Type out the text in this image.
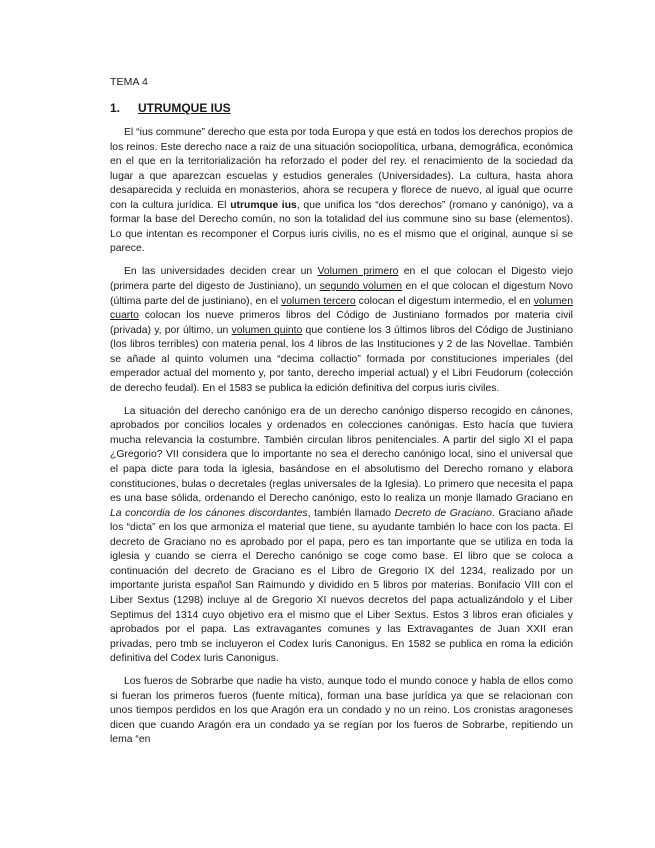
TEMA 4
1. UTRUMQUE IUS

El “ius commune” derecho que esta por toda Europa y que está en todos los derechos propios de los reinos. Este derecho nace a raiz de una situación sociopolítica, urbana, demográfica, económica en el que en la territorialización ha reforzado el poder del rey. el renacimiento de la sociedad da lugar a que aparezcan escuelas y estudios generales (Universidades). La cultura, hasta ahora desaparecida y recluida en monasterios, ahora se recupera y florece de nuevo, al igual que ocurre con la cultura jurídica. El utrumque ius, que unifica los “dos derechos” (romano y canónigo), va a formar la base del Derecho común, no son la totalidad del ius commune sino su base (elementos). Lo que intentan es recomponer el Corpus iuris civilis, no es el mismo que el original, aunque sí se parece.

En las universidades deciden crear un Volumen primero en el que colocan el Digesto viejo (primera parte del digesto de Justiniano), un segundo volumen en el que colocan el digestum Novo (última parte del de justiniano), en el volumen tercero colocan el digestum intermedio, el en volumen cuarto colocan los nueve primeros libros del Código de Justiniano formados por materia civil (privada) y, por último, un volumen quinto que contiene los 3 últimos libros del Código de Justiniano (los libros terribles) con materia penal, los 4 libros de las Instituciones y 2 de las Novellae. También se añade al quinto volumen una “decima collactio” formada por constituciones imperiales (del emperador actual del momento y, por tanto, derecho imperial actual) y el Libri Feudorum (colección de derecho feudal). En el 1583 se publica la edición definitiva del corpus iuris civiles.

La situación del derecho canónigo era de un derecho canónigo disperso recogido en cánones, aprobados por concilios locales y ordenados en colecciones canónigas. Esto hacía que tuviera mucha relevancia la costumbre. También circulan libros penitenciales. A partir del siglo XI el papa ¿Gregorio? VII considera que lo importante no sea el derecho canónigo local, sino el universal que el papa dicte para toda la iglesia, basándose en el absolutismo del Derecho romano y elabora constituciones, bulas o decretales (reglas universales de la Iglesia). Lo primero que necesita el papa es una base sólida, ordenando el Derecho canónigo, esto lo realiza un monje llamado Graciano en La concordia de los cánones discordantes, también llamado Decreto de Graciano. Graciano añade los “dicta” en los que armoniza el material que tiene, su ayudante también lo hace con los pacta. El decreto de Graciano no es aprobado por el papa, pero es tan importante que se utiliza en toda la iglesia y cuando se cierra el Derecho canónigo se coge como base. El libro que se coloca a continuación del decreto de Graciano es el Libro de Gregorio IX del 1234, realizado por un importante jurista español San Raimundo y dividido en 5 libros por materias. Bonifacio VIII con el Liber Sextus (1298) incluye al de Gregorio XI nuevos decretos del papa actualizándolo y el Liber Septimus del 1314 cuyo objetivo era el mismo que el Liber Sextus. Estos 3 libros eran oficiales y aprobados por el papa. Las extravagantes comunes y las Extravagantes de Juan XXII eran privadas, pero tmb se incluyeron el Codex Iuris Canonigus. En 1582 se publica en roma la edición definitiva del Codex Iuris Canonigus.

Los fueros de Sobrarbe que nadie ha visto, aunque todo el mundo conoce y habla de ellos como si fueran los primeros fueros (fuente mítica), forman una base jurídica ya que se relacionan con unos tiempos perdidos en los que Aragón era un condado y no un reino. Los cronistas aragoneses dicen que cuando Aragón era un condado ya se regían por los fueros de Sobrarbe, repitiendo un lema “en
